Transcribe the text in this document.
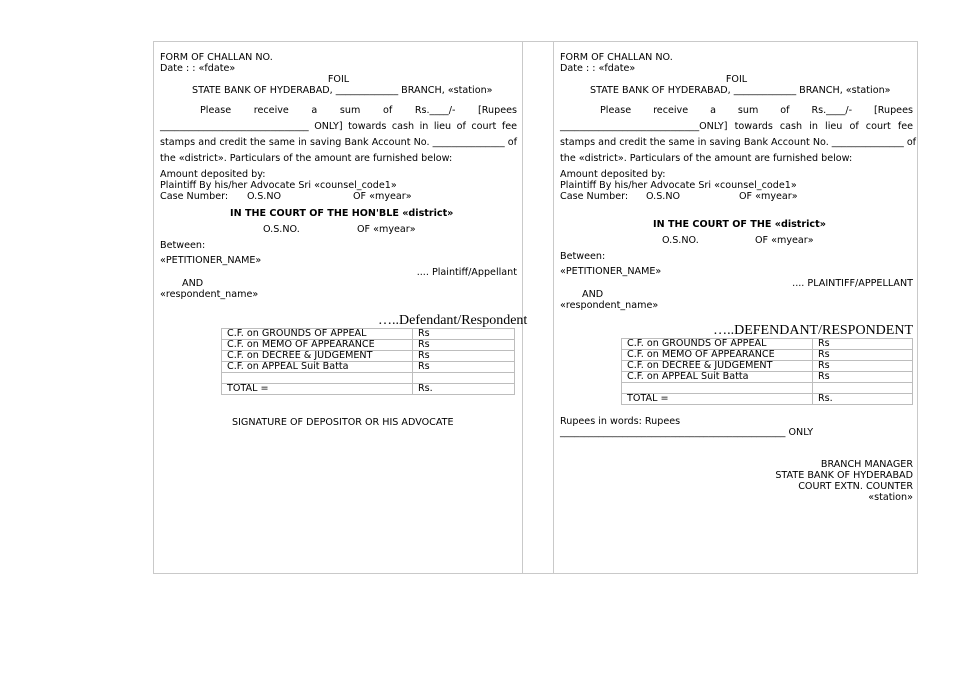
FORM OF CHALLAN NO.
Date : : «fdate»
FOIL
STATE BANK OF HYDERABAD, _____________ BRANCH, «station»
Please receive a sum of Rs.____/- [Rupees
_______________________________ ONLY] towards cash in lieu of court fee
stamps and credit the same in saving Bank Account No. _______________ of
the «district». Particulars of the amount are furnished below:
Amount deposited by:
Plaintiff By his/her Advocate Sri «counsel_code1»
Case Number: O.S.NO	OF «myear»
IN THE COURT OF THE HON'BLE «district»
O.S.NO.	OF «myear»
Between:
«PETITIONER_NAME»
.... Plaintiff/Appellant
AND
«respondent_name»
…..Defendant/Respondent
C.F. on GROUNDS OF APPEAL	Rs
C.F. on MEMO OF APPEARANCE	Rs
C.F. on DECREE & JUDGEMENT	Rs
C.F. on APPEAL Suit Batta	Rs

TOTAL =	Rs.
SIGNATURE OF DEPOSITOR OR HIS ADVOCATE
FORM OF CHALLAN NO.
Date : : «fdate»
FOIL
STATE BANK OF HYDERABAD, _____________ BRANCH, «station»
Please receive a sum of Rs.____/- [Rupees
_____________________________ONLY] towards cash in lieu of court fee
stamps and credit the same in saving Bank Account No. _______________ of
the «district». Particulars of the amount are furnished below:
Amount deposited by:
Plaintiff By his/her Advocate Sri «counsel_code1»
Case Number: O.S.NO	OF «myear»
IN THE COURT OF THE «district»
O.S.NO.	OF «myear»
Between:
«PETITIONER_NAME»
.... PLAINTIFF/APPELLANT
AND
«respondent_name»
…..DEFENDANT/RESPONDENT
C.F. on GROUNDS OF APPEAL	Rs
C.F. on MEMO OF APPEARANCE	Rs
C.F. on DECREE & JUDGEMENT	Rs
C.F. on APPEAL Suit Batta	Rs

TOTAL =	Rs.
Rupees in words: Rupees
_______________________________________________ ONLY
BRANCH MANAGER
STATE BANK OF HYDERABAD
COURT EXTN. COUNTER
«station»
